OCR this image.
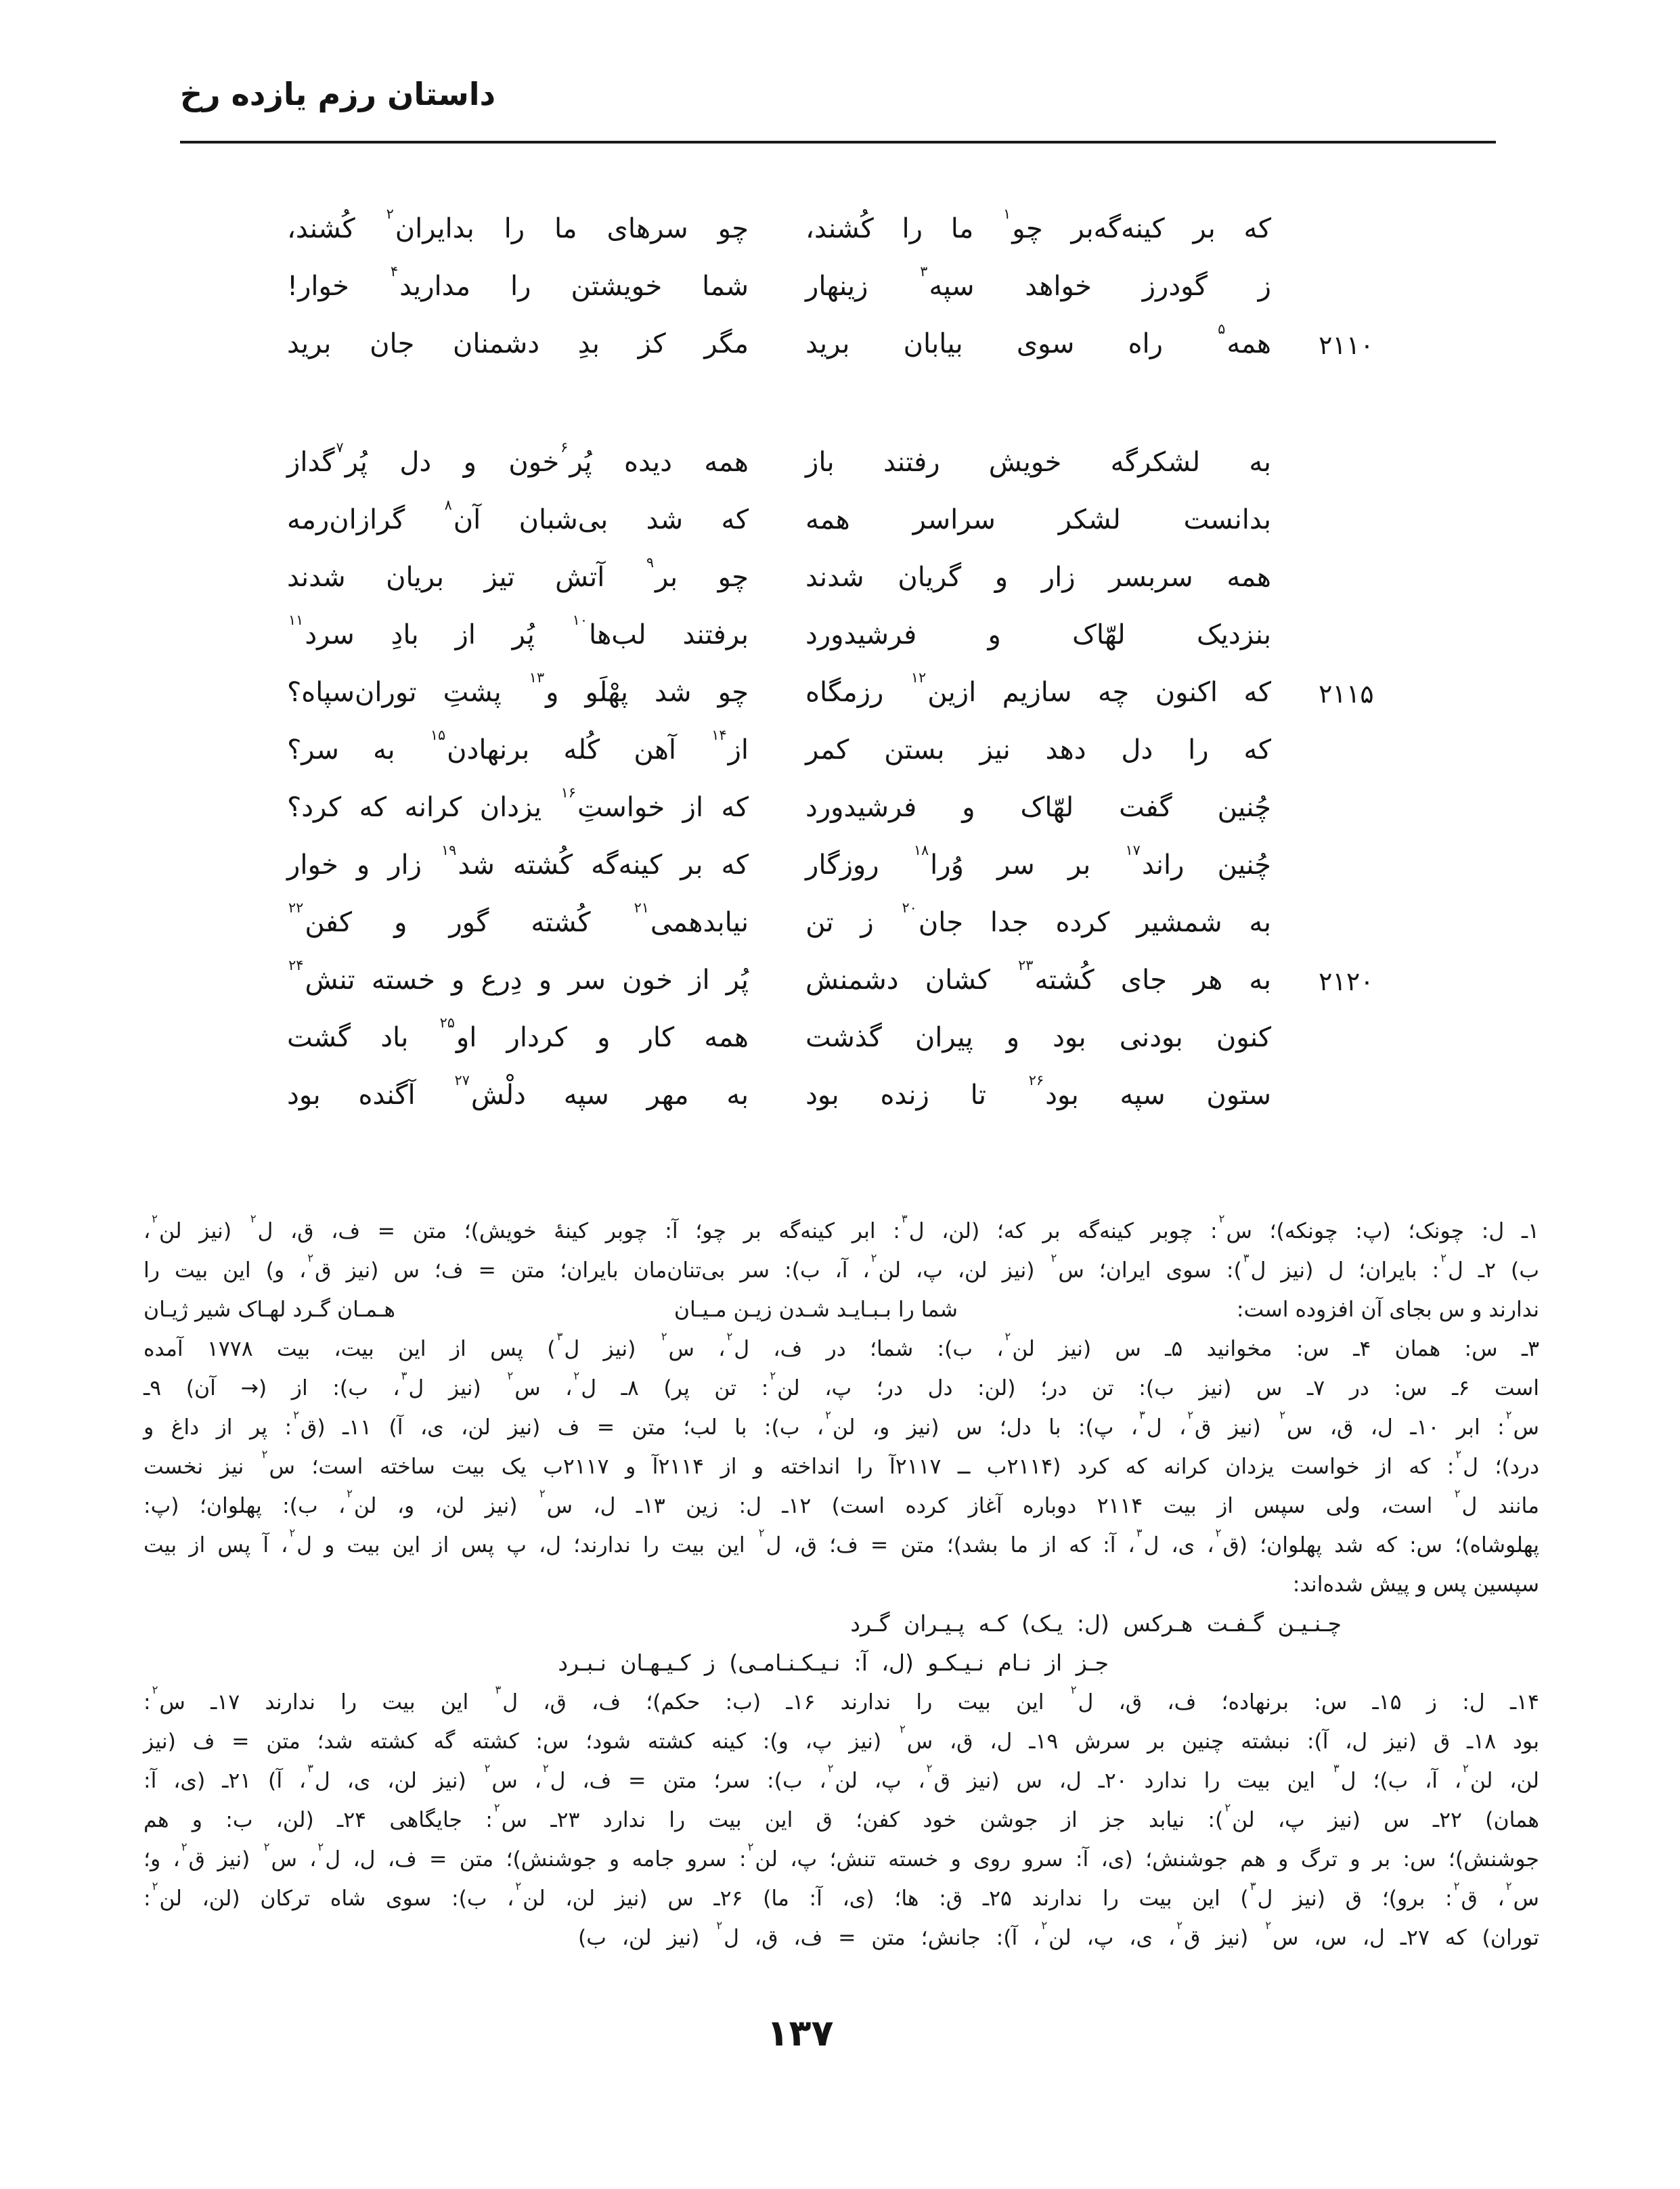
داستان رزم یازده رخ
که
بر
کینه‌گه‌بر
چو$^۱$
ما
را
کُشند،
چو
سرهای
ما
را
بدایران$^۲$
کُشند،
ز
گودرز
خواهد
سپه$^۳$
زینهار
شما
خویشتن
را
مدارید$^۴$
خوار!
۲۱۱۰
همه$^۵$
راه
سوی
بیابان
برید
مگر
کز
بدِ
دشمنان
جان
برید
به
لشکرگه
خویش
رفتند
باز
همه
دیده
پُر$^۶$خون
و
دل
پُر$^۷$گداز
بدانست
لشکر
سراسر
همه
که
شد
بی‌شبان
آن$^۸$
گرازان‌رمه
همه
سربسر
زار
و
گریان
شدند
چو
بر$^۹$
آتش
تیز
بریان
شدند
بنزدیک
لهّاک
و
فرشیدورد
برفتند
لب‌ها$^{۱۰}$
پُر
از
بادِ
سرد$^{۱۱}$
۲۱۱۵
که
اکنون
چه
سازیم
ازین$^{۱۲}$
رزمگاه
چو
شد
پهْلَو
و$^{۱۳}$
پشتِ
توران‌سپاه؟
که
را
دل
دهد
نیز
بستن
کمر
از$^{۱۴}$
آهن
کُله
برنهادن$^{۱۵}$
به
سر؟
چُنین
گفت
لهّاک
و
فرشیدورد
که
از
خواستِ$^{۱۶}$
یزدان
کرانه
که
کرد؟
چُنین
راند$^{۱۷}$
بر
سر
وُرا$^{۱۸}$
روزگار
که
بر
کینه‌گه
کُشته
شد$^{۱۹}$
زار
و
خوار
به
شمشیر
کرده
جدا
جان$^{۲۰}$
ز
تن
نیابدهمی$^{۲۱}$
کُشته
گور
و
کفن$^{۲۲}$
۲۱۲۰
به
هر
جای
کُشته$^{۲۳}$
کشان
دشمنش
پُر
از
خون
سر
و
دِرع
و
خسته
تنش$^{۲۴}$
کنون
بودنی
بود
و
پیران
گذشت
همه
کار
و
کردار
او$^{۲۵}$
باد
گشت
ستون
سپه
بود$^{۲۶}$
تا
زنده
بود
به
مهر
سپه
دلْش$^{۲۷}$
آگنده
بود
۱ـ ل: چونک؛ (پ: چونکه)؛ س$^۲$: چوبر کینه‌گه بر که؛ (لن، ل$^۳$: ابر کینه‌گه بر چو؛ آ: چوبر کینهٔ خویش)؛ متن = ف، ق، ل$^۲$ (نیز لن$^۲$،
ب) ۲ـ ل$^۲$: بایران؛ ل (نیز ل$^۳$): سوی ایران؛ س$^۲$ (نیز لن، پ، لن$^۲$، آ، ب): سر بی‌تنان‌مان بایران؛ متن = ف؛ س (نیز ق$^۲$، و) این بیت را
ندارند و س بجای آن افزوده است:
شما را بـبـایـد شـدن زیـن مـیـان
هـمـان گـرد لهـاک شیر ژیـان
۳ـ س: همان ۴ـ س: مخوانید ۵ـ س (نیز لن$^۲$، ب): شما؛ در ف، ل$^۲$، س$^۲$ (نیز ل$^۳$) پس از این بیت، بیت ۱۷۷۸ آمده
است ۶ـ س: در ۷ـ س (نیز ب): تن در؛ (لن: دل در؛ پ، لن$^۲$: تن پر) ۸ـ ل$^۲$، س$^۲$ (نیز ل$^۳$، ب): از (→ آن) ۹ـ
س$^۲$: ابر ۱۰ـ ل، ق، س$^۲$ (نیز ق$^۲$، ل$^۳$، پ): با دل؛ س (نیز و، لن$^۲$، ب): با لب؛ متن = ف (نیز لن، ی، آ) ۱۱ـ (ق$^۲$: پر از داغ و
درد)؛ ل$^۲$: که از خواست یزدان کرانه که کرد (۲۱۱۴ب ــ ۲۱۱۷آ را انداخته و از ۲۱۱۴آ و ۲۱۱۷ب یک بیت ساخته است؛ س$^۲$ نیز نخست
مانند ل$^۲$ است، ولی سپس از بیت ۲۱۱۴ دوباره آغاز کرده است) ۱۲ـ ل: زین ۱۳ـ ل، س$^۲$ (نیز لن، و، لن$^۲$، ب): پهلوان؛ (پ:
پهلوشاه)؛ س: که شد پهلوان؛ (ق$^۲$، ی، ل$^۳$، آ: که از ما بشد)؛ متن = ف؛ ق، ل$^۲$ این بیت را ندارند؛ ل، پ پس از این بیت و ل$^۲$، آ پس از بیت
سپسین پس و پیش شده‌اند:
چـنـیـن گـفـت هـرکس (ل: یـک) کـه پـیـران گـرد
جـز از نـام نـیـکـو (ل، آ: نـیـکـنـامـی) ز کـیـهـان نـبـرد
۱۴ـ ل: ز ۱۵ـ س: برنهاده؛ ف، ق، ل$^۲$ این بیت را ندارند ۱۶ـ (ب: حکم)؛ ف، ق، ل$^۳$ این بیت را ندارند ۱۷ـ س$^۲$:
بود ۱۸ـ ق (نیز ل، آ): نبشته چنین بر سرش ۱۹ـ ل، ق، س$^۲$ (نیز پ، و): کینه کشته شود؛ س: کشته گه کشته شد؛ متن = ف (نیز
لن، لن$^۲$، آ، ب)؛ ل$^۳$ این بیت را ندارد ۲۰ـ ل، س (نیز ق$^۲$، پ، لن$^۲$، ب): سر؛ متن = ف، ل$^۲$، س$^۲$ (نیز لن، ی، ل$^۳$، آ) ۲۱ـ (ی، آ:
همان) ۲۲ـ س (نیز پ، لن$^۲$): نیابد جز از جوشن خود کفن؛ ق این بیت را ندارد ۲۳ـ س$^۲$: جایگاهی ۲۴ـ (لن، ب: و هم
جوشنش)؛ س: بر و ترگ و هم جوشنش؛ (ی، آ: سرو روی و خسته تنش؛ پ، لن$^۲$: سرو جامه و جوشنش)؛ متن = ف، ل، ل$^۲$، س$^۲$ (نیز ق$^۲$، و؛
س$^۲$، ق$^۲$: برو)؛ ق (نیز ل$^۳$) این بیت را ندارند ۲۵ـ ق: ها؛ (ی، آ: ما) ۲۶ـ س (نیز لن، لن$^۲$، ب): سوی شاه ترکان (لن، لن$^۲$:
توران) که ۲۷ـ ل، س، س$^۲$ (نیز ق$^۲$، ی، پ، لن$^۲$، آ): جانش؛ متن = ف، ق، ل$^۲$ (نیز لن، ب)
۱۳۷
